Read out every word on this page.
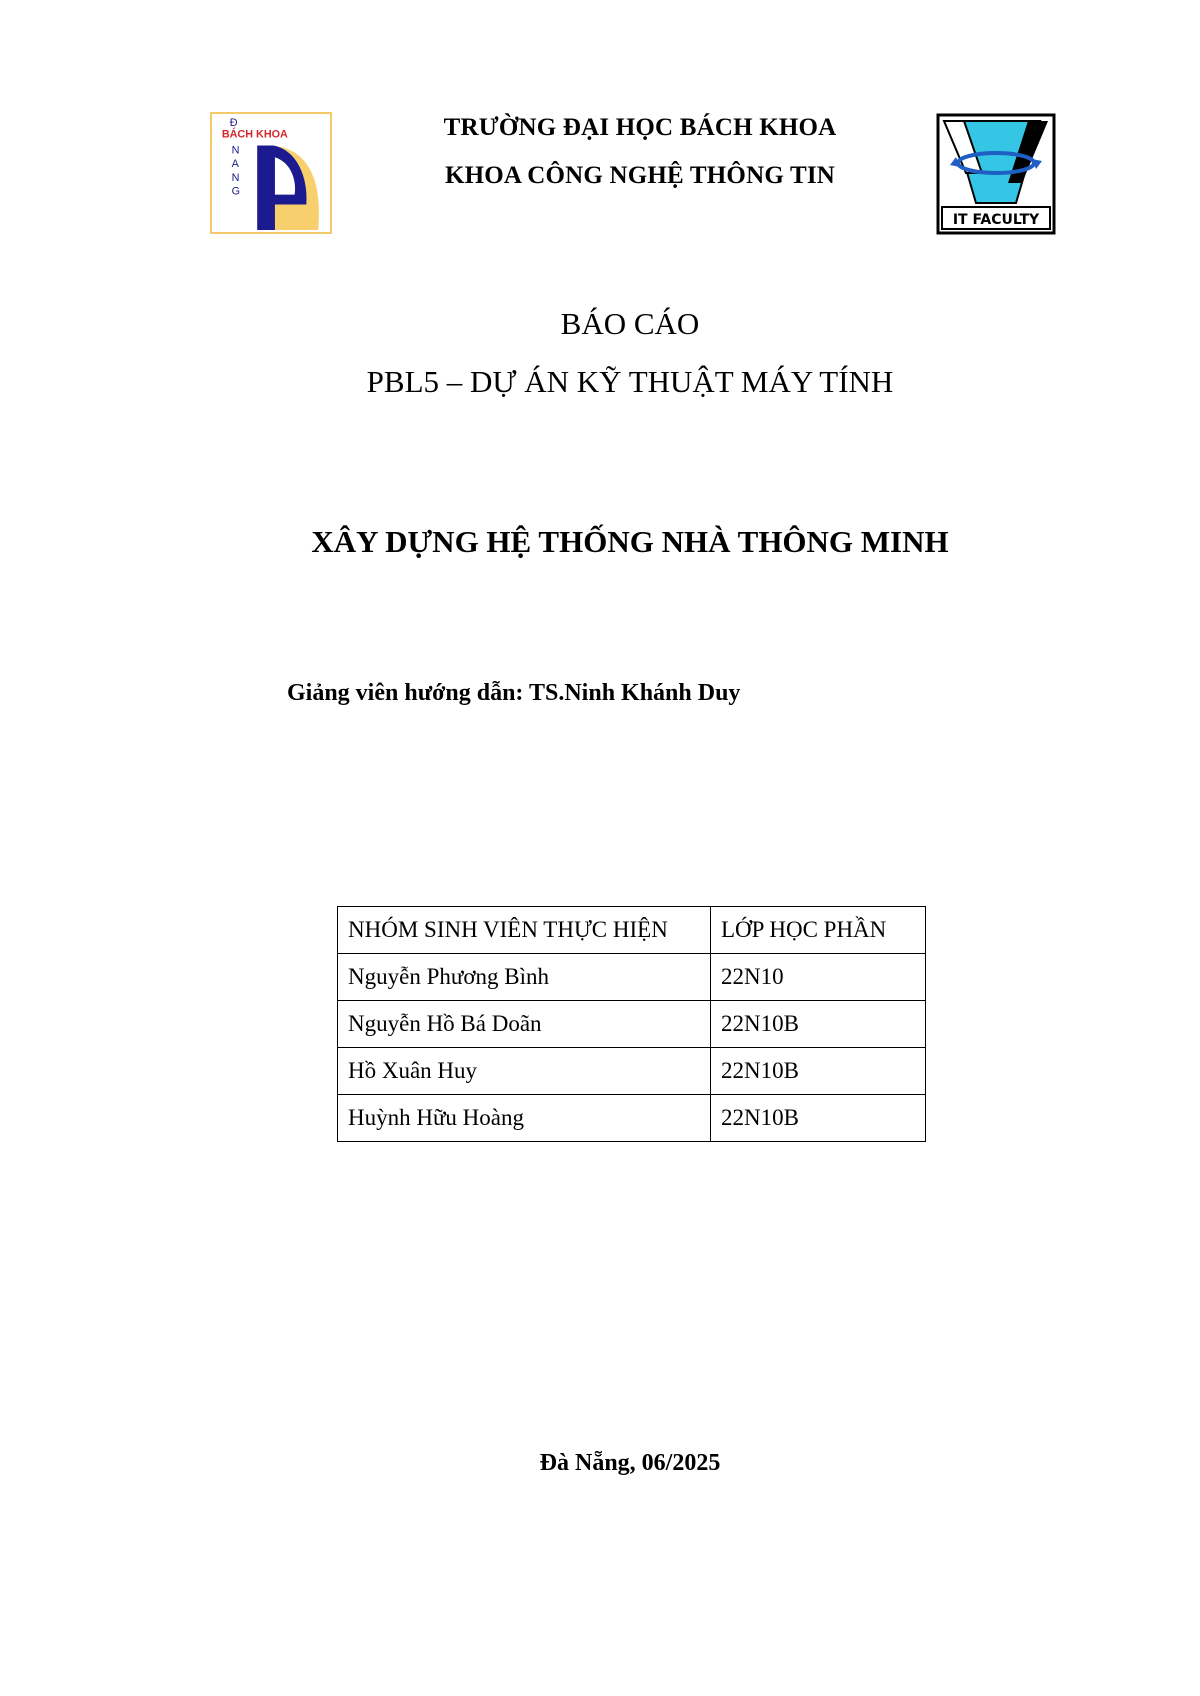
BÁCH KHOA
Đ
N
A
N
G
TRƯỜNG ĐẠI HỌC BÁCH KHOA
KHOA CÔNG NGHỆ THÔNG TIN
IT FACULTY
BÁO CÁO
PBL5 – DỰ ÁN KỸ THUẬT MÁY TÍNH
XÂY DỰNG HỆ THỐNG NHÀ THÔNG MINH
Giảng viên hướng dẫn: TS.Ninh Khánh Duy
NHÓM SINH VIÊN THỰC HIỆN	LỚP HỌC PHẦN
Nguyễn Phương Bình	22N10
Nguyễn Hồ Bá Doãn	22N10B
Hồ Xuân Huy	22N10B
Huỳnh Hữu Hoàng	22N10B
Đà Nẵng, 06/2025
